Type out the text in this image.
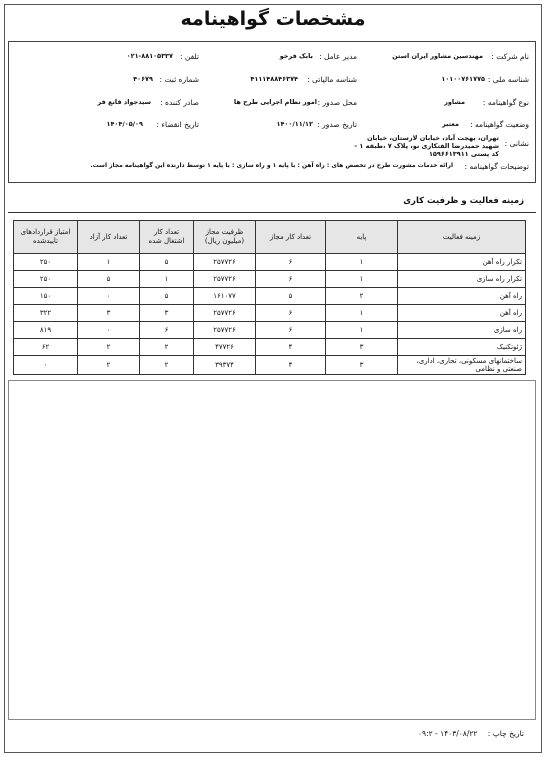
مشخصات گواهینامه
نام شرکت :
مهندسین مشاور ایران استن
مدیر عامل :
بابک فرخو
تلفن :
۰۲۱-۸۸۱۰۵۳۳۷
شناسه ملی :
۱۰۱۰۰۷۶۱۷۷۵
شناسه مالیاتی :
۴۱۱۱۴۸۸۴۶۳۷۴
شماره ثبت :
۴۰۶۷۹
نوع گواهینامه :
مشاور
محل صدور :
امور نظام اجرایی طرح ها
صادر کننده :
سیدجواد قانع فر
وضعیت گواهینامه :
معتبر
تاریخ صدور :
۱۴۰۰/۱۱/۱۲
تاریخ انقضاء :
۱۴۰۴/۰۵/۰۹
نشانی :
تهران، بهجت آباد، خیابان لارستان، خیابان شهید حمیدرضا الفتکاری نو، پلاک ۷ ،طبقه ۱ - کد پستی ۱۵۹۶۶۱۳۹۱۱
توضیحات گواهینامه :
ارائه خدمات مشورت طرح در تخصص های : راه آهن : با پایه ۱ و راه سازی : با پایه ۱ توسط دارنده این گواهینامه مجاز است.
زمینه فعالیت و ظرفیت کاری
زمینه فعالیت	پایه	تعداد کار مجاز	ظرفیت مجاز (میلیون ریال)	تعداد کار اشتغال شده	تعداد کار آزاد	امتیاز قراردادهای تایید‌شده
تکرار راه آهن	۱	۶	۲۵۷۷۲۶	۵	۱	۲۵۰
تکرار راه سازی	۱	۶	۲۵۷۷۲۶	۱	۵	۲۵۰
راه آهن	۲	۵	۱۶۱۰۷۷	۵	۰	۱۵۰
راه آهن	۱	۶	۲۵۷۷۲۶	۳	۳	۳۲۲
راه سازی	۱	۶	۲۵۷۷۲۶	۶	۰	۸۱۹
ژئوتکنیک	۳	۴	۴۷۷۲۶	۲	۲	۶۲
ساختمانهای مسکونی، تجاری، اداری، صنعتی و نظامی	۳	۴	۳۹۳۷۴	۲	۲	۰
تاریخ چاپ : ۱۴۰۳/۰۸/۲۲ - ۰۹:۲
